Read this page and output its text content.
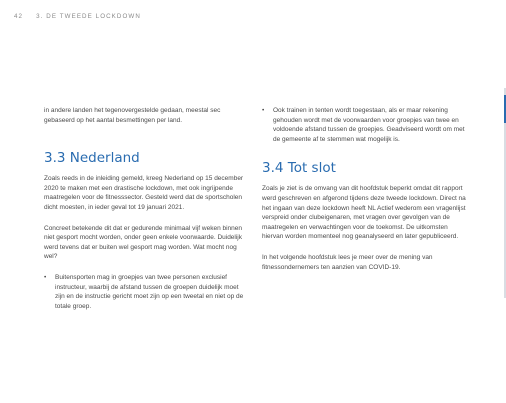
42 3. DE TWEEDE LOCKDOWN

in andere landen het tegenovergestelde gedaan, meestal sec gebaseerd op het aantal besmettingen per land.

3.3 Nederland

Zoals reeds in de inleiding gemeld, kreeg Nederland op 15 december 2020 te maken met een drastische lockdown, met ook ingrijpende maatregelen voor de fitnesssector. Gesteld werd dat de sportscholen dicht moesten, in ieder geval tot 19 januari 2021.

Concreet betekende dit dat er gedurende minimaal vijf weken binnen niet gesport mocht worden, onder geen enkele voorwaarde. Duidelijk werd tevens dat er buiten wel gesport mag worden. Wat mocht nog wel?

•	Buitensporten mag in groepjes van twee personen exclusief instructeur, waarbij de afstand tussen de groepen duidelijk moet zijn en de instructie gericht moet zijn op een tweetal en niet op de totale groep.
•	Ook trainen in tenten wordt toegestaan, als er maar rekening gehouden wordt met de voorwaarden voor groepjes van twee en voldoende afstand tussen de groepjes. Geadviseerd wordt om met de gemeente af te stemmen wat mogelijk is.
3.4 Tot slot

Zoals je ziet is de omvang van dit hoofdstuk beperkt omdat dit rapport werd geschreven en afgerond tijdens deze tweede lockdown. Direct na het ingaan van deze lockdown heeft NL Actief wederom een vragenlijst verspreid onder clubeigenaren, met vragen over gevolgen van de maatregelen en verwachtingen voor de toekomst. De uitkomsten hiervan worden momenteel nog geanalyseerd en later gepubliceerd.

In het volgende hoofdstuk lees je meer over de mening van fitnessondernemers ten aanzien van COVID-19.
